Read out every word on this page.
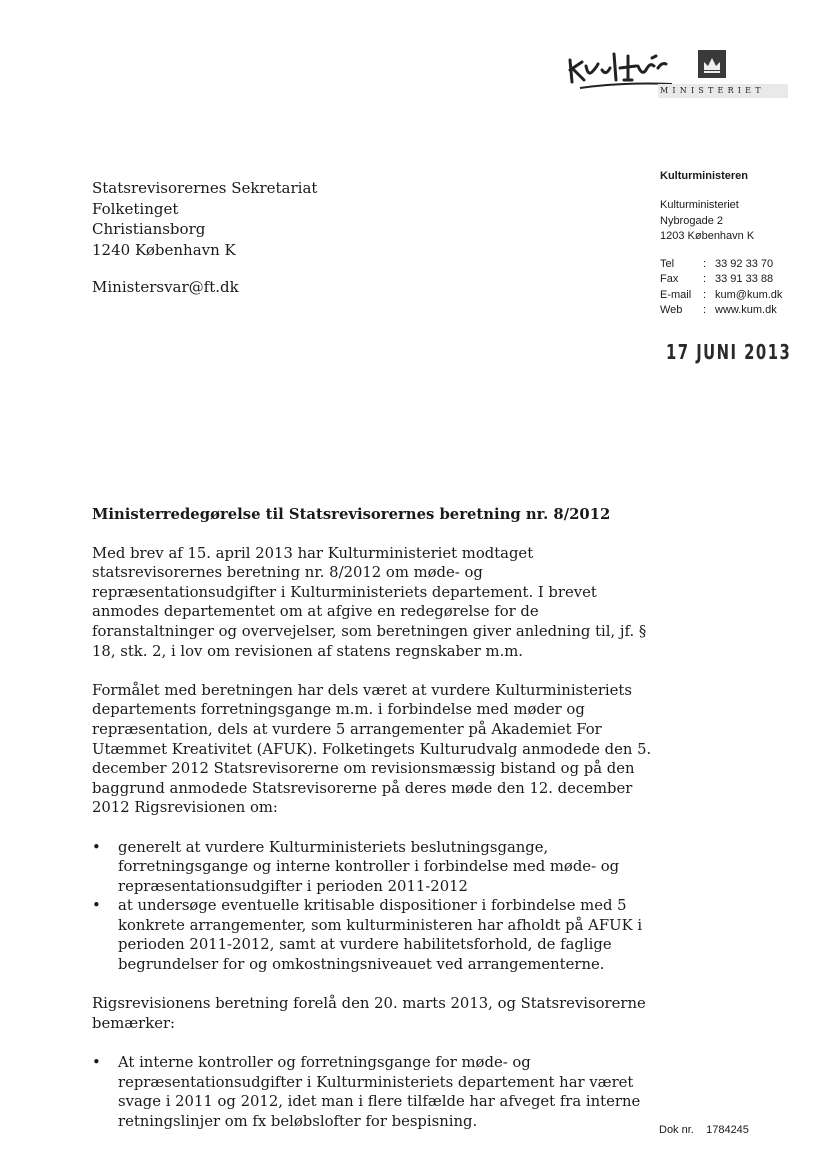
MINISTERIET
Statsrevisorernes Sekretariat
Folketinget
Christiansborg
1240 København K
Ministersvar@ft.dk
Kulturministeren
Kulturministeriet
Nybrogade 2
1203 København K
Tel	: 33 92 33 70
Fax	: 33 91 33 88
E-mail	: kum@kum.dk
Web	: www.kum.dk
17 JUNI 2013
Ministerredegørelse til Statsrevisorernes beretning nr. 8/2012

Med brev af 15. april 2013 har Kulturministeriet modtaget statsrevisorernes beretning nr. 8/2012 om møde- og repræsentationsudgifter i Kulturministeriets departement. I brevet anmodes departementet om at afgive en redegørelse for de foranstaltninger og overvejelser, som beretningen giver anledning til, jf. § 18, stk. 2, i lov om revisionen af statens regnskaber m.m.

Formålet med beretningen har dels været at vurdere Kulturministeriets departements forretningsgange m.m. i forbindelse med møder og repræsentation, dels at vurdere 5 arrangementer på Akademiet For Utæmmet Kreativitet (AFUK). Folketingets Kulturudvalg anmodede den 5. december 2012 Statsrevisorerne om revisionsmæssig bistand og på den baggrund anmodede Statsrevisorerne på deres møde den 12. december 2012 Rigsrevisionen om:

• generelt at vurdere Kulturministeriets beslutningsgange, forretningsgange og interne kontroller i forbindelse med møde- og repræsentationsudgifter i perioden 2011-2012
• at undersøge eventuelle kritisable dispositioner i forbindelse med 5 konkrete arrangementer, som kulturministeren har afholdt på AFUK i perioden 2011-2012, samt at vurdere habilitetsforhold, de faglige begrundelser for og omkostningsniveauet ved arrangementerne.

Rigsrevisionens beretning forelå den 20. marts 2013, og Statsrevisorerne bemærker:

• At interne kontroller og forretningsgange for møde- og repræsentationsudgifter i Kulturministeriets departement har været svage i 2011 og 2012, idet man i flere tilfælde har afveget fra interne retningslinjer om fx beløbslofter for bespisning.
Dok nr. 1784245
